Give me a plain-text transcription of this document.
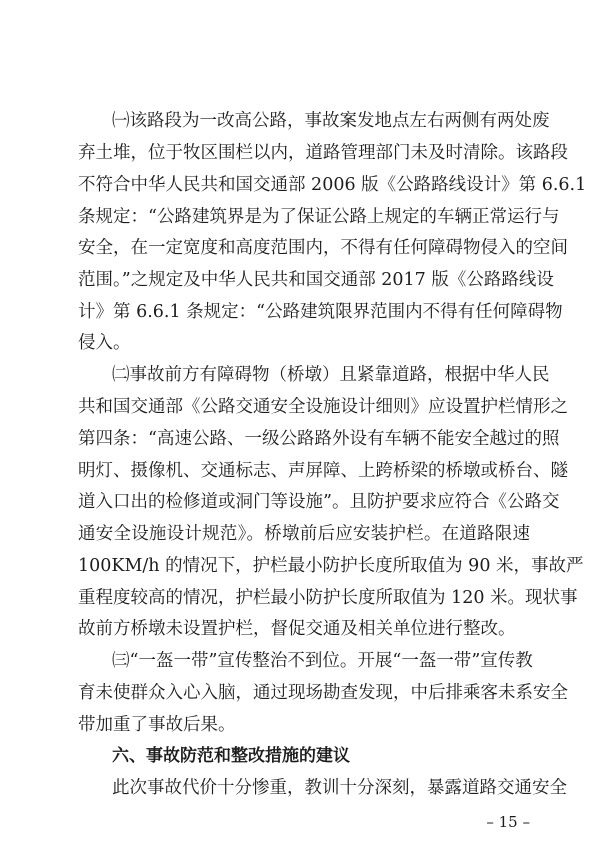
㈠该路段为一改高公路，事故案发地点左右两侧有两处废
弃土堆，位于牧区围栏以内，道路管理部门未及时清除。该路段
不符合中华人民共和国交通部 2006 版《公路路线设计》第 6.6.1
条规定：“公路建筑界是为了保证公路上规定的车辆正常运行与
安全，在一定宽度和高度范围内，不得有任何障碍物侵入的空间
范围。”之规定及中华人民共和国交通部 2017 版《公路路线设
计》第 6.6.1 条规定：“公路建筑限界范围内不得有任何障碍物
侵入。
㈡事故前方有障碍物（桥墩）且紧靠道路，根据中华人民
共和国交通部《公路交通安全设施设计细则》应设置护栏情形之
第四条：“高速公路、一级公路路外设有车辆不能安全越过的照
明灯、摄像机、交通标志、声屏障、上跨桥梁的桥墩或桥台、隧
道入口出的检修道或洞门等设施”。且防护要求应符合《公路交
通安全设施设计规范》。桥墩前后应安装护栏。在道路限速
100KM/h 的情况下，护栏最小防护长度所取值为 90 米，事故严
重程度较高的情况，护栏最小防护长度所取值为 120 米。现状事
故前方桥墩未设置护栏，督促交通及相关单位进行整改。
㈢“一盔一带”宣传整治不到位。开展“一盔一带”宣传教
育未使群众入心入脑，通过现场勘查发现，中后排乘客未系安全
带加重了事故后果。
六、事故防范和整改措施的建议
此次事故代价十分惨重，教训十分深刻，暴露道路交通安全
– 15 –
